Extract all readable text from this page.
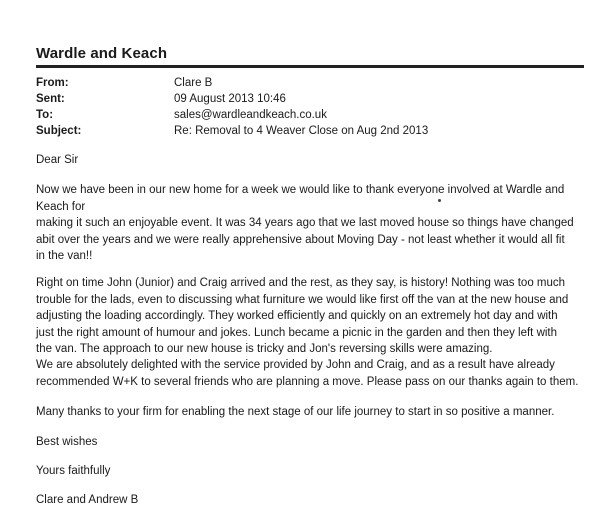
Wardle and Keach
From:	Clare B
Sent:	09 August 2013 10:46
To:	sales@wardleandkeach.co.uk
Subject:	Re: Removal to 4 Weaver Close on Aug 2nd 2013
Dear Sir
Now we have been in our new home for a week we would like to thank everyone involved at Wardle and
Keach for
making it such an enjoyable event. It was 34 years ago that we last moved house so things have changed
abit over the years and we were really apprehensive about Moving Day - not least whether it would all fit
in the van!!
Right on time John (Junior) and Craig arrived and the rest, as they say, is history! Nothing was too much
trouble for the lads, even to discussing what furniture we would like first off the van at the new house and
adjusting the loading accordingly. They worked efficiently and quickly on an extremely hot day and with
just the right amount of humour and jokes. Lunch became a picnic in the garden and then they left with
the van. The approach to our new house is tricky and Jon's reversing skills were amazing.
We are absolutely delighted with the service provided by John and Craig, and as a result have already
recommended W+K to several friends who are planning a move. Please pass on our thanks again to them.
Many thanks to your firm for enabling the next stage of our life journey to start in so positive a manner.
Best wishes
Yours faithfully
Clare and Andrew B
